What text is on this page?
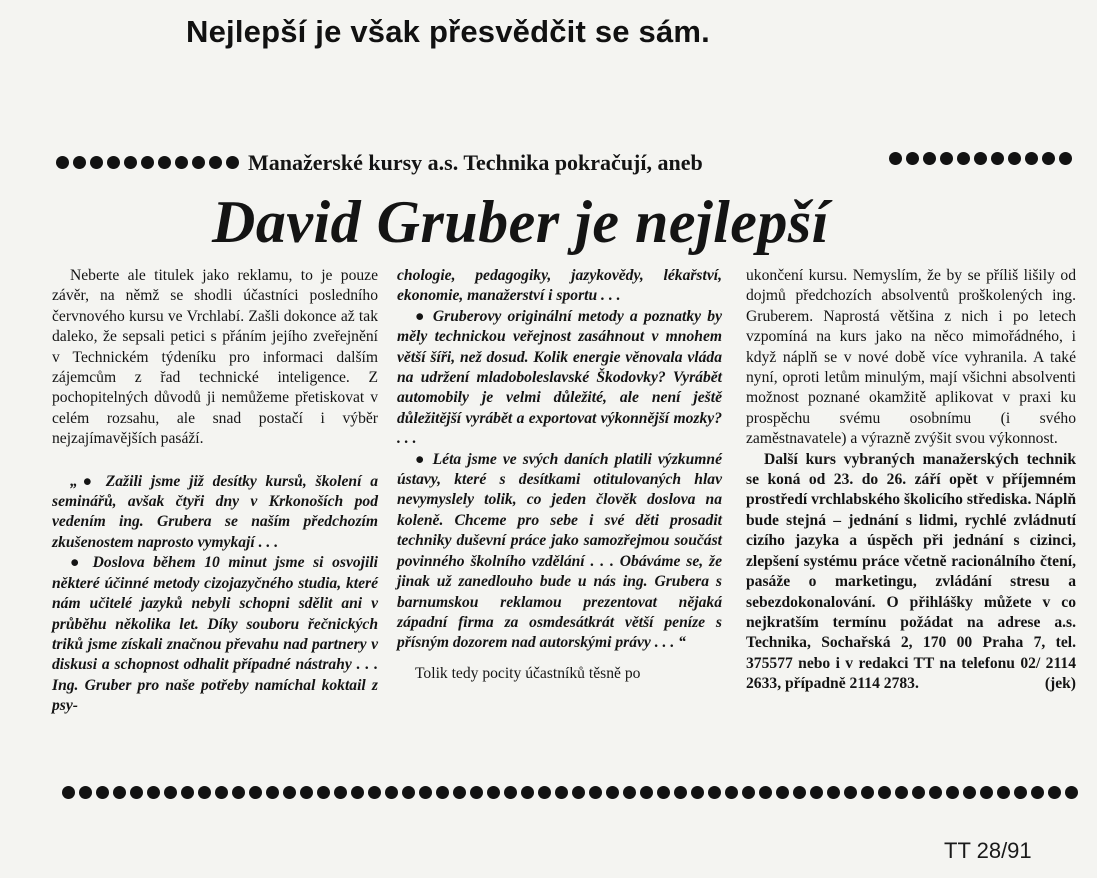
Nejlepší je však přesvědčit se sám.
Manažerské kursy a.s. Technika pokračují, aneb
David Gruber je nejlepší

Neberte ale titulek jako reklamu, to je pouze závěr, na němž se shodli účastníci posledního červnového kursu ve Vrchlabí. Zašli dokonce až tak daleko, že sepsali petici s přáním jejího zveřejnění v Technickém týdeníku pro informaci dalším zájemcům z řad technické inteligence. Z pochopitelných důvodů ji nemůžeme přetiskovat v celém rozsahu, ale snad postačí i výběr nejzajímavějších pasáží.

„● Zažili jsme již desítky kursů, školení a seminářů, avšak čtyři dny v Krkonoších pod vedením ing. Grubera se naším předchozím zkušenostem naprosto vymykají . . .

● Doslova během 10 minut jsme si osvojili některé účinné metody cizojazyčného studia, které nám učitelé jazyků nebyli schopni sdělit ani v průběhu několika let. Díky souboru řečnických triků jsme získali značnou převahu nad partnery v diskusi a schopnost odhalit případné nástrahy . . . Ing. Gruber pro naše potřeby namíchal koktail z psy-

chologie, pedagogiky, jazykovědy, lékařství, ekonomie, manažerství i sportu . . .

● Gruberovy originální metody a poznatky by měly technickou veřejnost zasáhnout v mnohem větší šíři, než dosud. Kolik energie věnovala vláda na udržení mladoboleslavské Škodovky? Vyrábět automobily je velmi důležité, ale není ještě důležitější vyrábět a exportovat výkonnější mozky? . . .

● Léta jsme ve svých daních platili výzkumné ústavy, které s desítkami otitulovaných hlav nevymyslely tolik, co jeden člověk doslova na koleně. Chceme pro sebe i své děti prosadit techniky duševní práce jako samozřejmou součást povinného školního vzdělání . . . Obáváme se, že jinak už zanedlouho bude u nás ing. Grubera s barnumskou reklamou prezentovat nějaká západní firma za osmdesátkrát větší peníze s přísným dozorem nad autorskými právy . . . “

Tolik tedy pocity účastníků těsně po

ukončení kursu. Nemyslím, že by se příliš lišily od dojmů předchozích absolventů proškolených ing. Gruberem. Naprostá většina z nich i po letech vzpomíná na kurs jako na něco mimořádného, i když náplň se v nové době více vyhranila. A také nyní, oproti letům minulým, mají všichni absolventi možnost poznané okamžitě aplikovat v praxi ku prospěchu svému osobnímu (i svého zaměstnavatele) a výrazně zvýšit svou výkonnost.

Další kurs vybraných manažerských technik se koná od 23. do 26. září opět v příjemném prostředí vrchlabského školicího střediska. Náplň bude stejná – jednání s lidmi, rychlé zvládnutí cizího jazyka a úspěch při jednání s cizinci, zlepšení systému práce včetně racionálního čtení, pasáže o marketingu, zvládání stresu a sebezdokonalování. O přihlášky můžete v co nejkratším termínu požádat na adrese a.s. Technika, Sochařská 2, 170 00 Praha 7, tel. 375577 nebo i v redakci TT na telefonu 02/ 2114 2633, případně 2114 2783.	(jek)

TT 28/91
